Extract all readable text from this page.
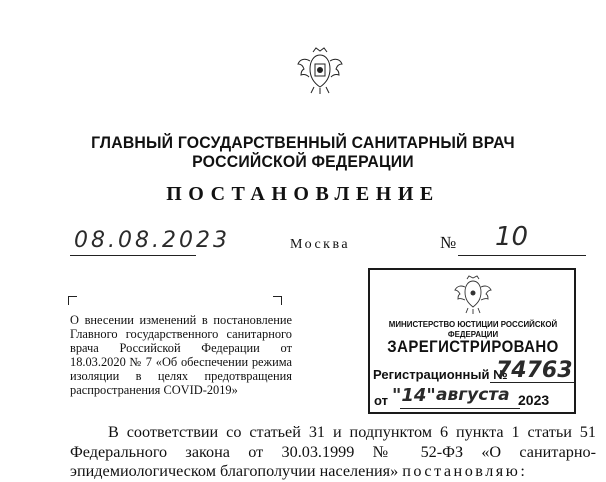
ГЛАВНЫЙ ГОСУДАРСТВЕННЫЙ САНИТАРНЫЙ ВРАЧ
РОССИЙСКОЙ ФЕДЕРАЦИИ
ПОСТАНОВЛЕНИЕ
08.08.2023	Москва	№ 10
О внесении изменений в постановление Главного государственного санитарного врача Российской Федерации от 18.03.2020 № 7 «Об обеспечении режима изоляции в целях предотвращения распространения COVID-2019»
МИНИСТЕРСТВО ЮСТИЦИИ РОССИЙСКОЙ ФЕДЕРАЦИИ
ЗАРЕГИСТРИРОВАНО
Регистрационный №
74763
от "14" августа 2023
В соответствии со статьей 31 и подпунктом 6 пункта 1 статьи 51 Федерального закона от 30.03.1999 № 52-ФЗ «О санитарно- эпидемиологическом благополучии населения» постановляю:
